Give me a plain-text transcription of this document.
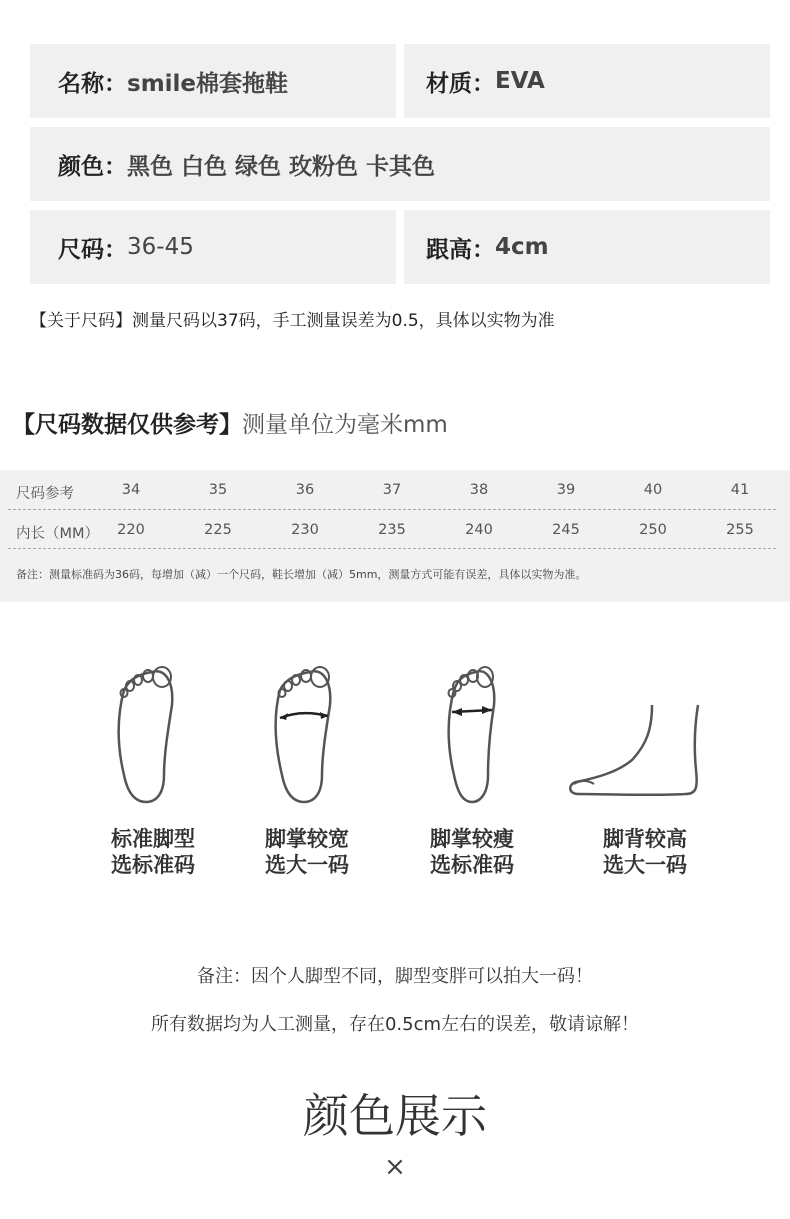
名称： smile棉套拖鞋	材质： EVA
颜色： 黑色 白色 绿色 玫粉色 卡其色
尺码： 36-45	跟高： 4cm
【关于尺码】测量尺码以37码，手工测量误差为0.5，具体以实物为准
【尺码数据仅供参考】测量单位为毫米mm
尺码参考	34	35	36	37	38	39	40	41
内长（MM）	220	225	230	235	240	245	250	255
备注：测量标准码为36码，每增加（减）一个尺码，鞋长增加（减）5mm，测量方式可能有误差，具体以实物为准。
标准脚型
选标准码
脚掌较宽
选大一码
脚掌较瘦
选标准码
脚背较高
选大一码
备注：因个人脚型不同，脚型变胖可以拍大一码！
所有数据均为人工测量，存在0.5cm左右的误差，敬请谅解！
颜色展示
×
